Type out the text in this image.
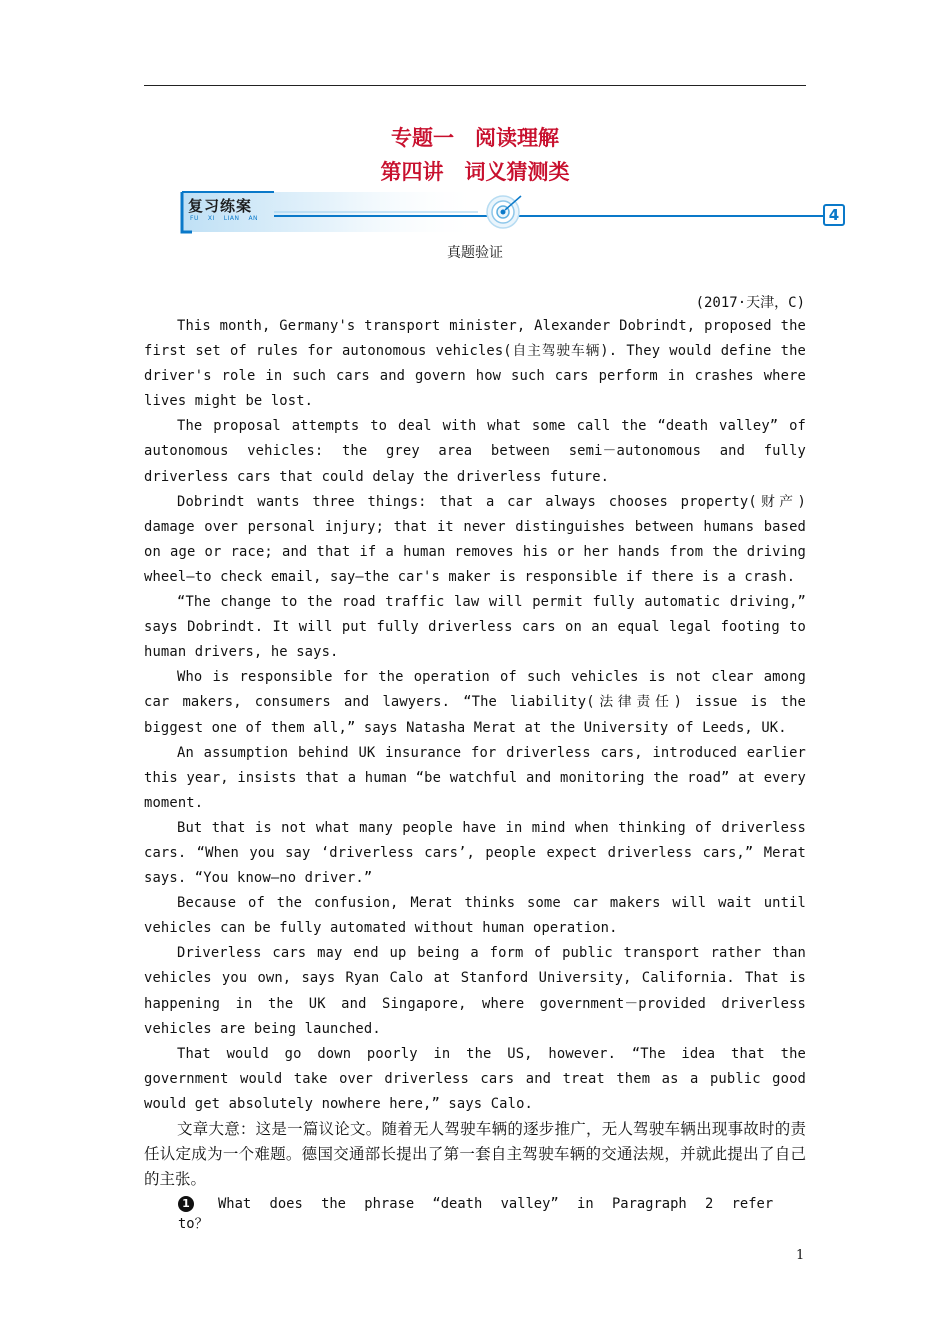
专题一　阅读理解
第四讲　词义猜测类
复习练案
FU XI LIAN AN	4
真题验证
(2017·天津，C)

This month, Germany's transport minister, Alexander Dobrindt, proposed the first set of rules for autonomous vehicles(自主驾驶车辆). They would define the driver's role in such cars and govern how such cars perform in crashes where lives might be lost.

The proposal attempts to deal with what some call the “death valley” of autonomous vehicles: the grey area between semi－autonomous and fully driverless cars that could delay the driverless future.

Dobrindt wants three things: that a car always chooses property(财产) damage over personal injury; that it never distinguishes between humans based on age or race; and that if a human removes his or her hands from the driving wheel—to check email, say—the car's maker is responsible if there is a crash.

“The change to the road traffic law will permit fully automatic driving,” says Dobrindt. It will put fully driverless cars on an equal legal footing to human drivers, he says.

Who is responsible for the operation of such vehicles is not clear among car makers, consumers and lawyers. “The liability(法律责任) issue is the biggest one of them all,” says Natasha Merat at the University of Leeds, UK.

An assumption behind UK insurance for driverless cars, introduced earlier this year, insists that a human “be watchful and monitoring the road” at every moment.

But that is not what many people have in mind when thinking of driverless cars. “When you say ‘driverless cars’, people expect driverless cars,” Merat says. “You know—no driver.”

Because of the confusion, Merat thinks some car makers will wait until vehicles can be fully automated without human operation.

Driverless cars may end up being a form of public transport rather than vehicles you own, says Ryan Calo at Stanford University, California. That is happening in the UK and Singapore, where government－provided driverless vehicles are being launched.

That would go down poorly in the US, however. “The idea that the government would take over driverless cars and treat them as a public good would get absolutely nowhere here,” says Calo.

文章大意：这是一篇议论文。随着无人驾驶车辆的逐步推广，无人驾驶车辆出现事故时的责任认定成为一个难题。德国交通部长提出了第一套自主驾驶车辆的交通法规，并就此提出了自己的主张。

1 What does the phrase “death valley” in Paragraph 2 refer to？
1
